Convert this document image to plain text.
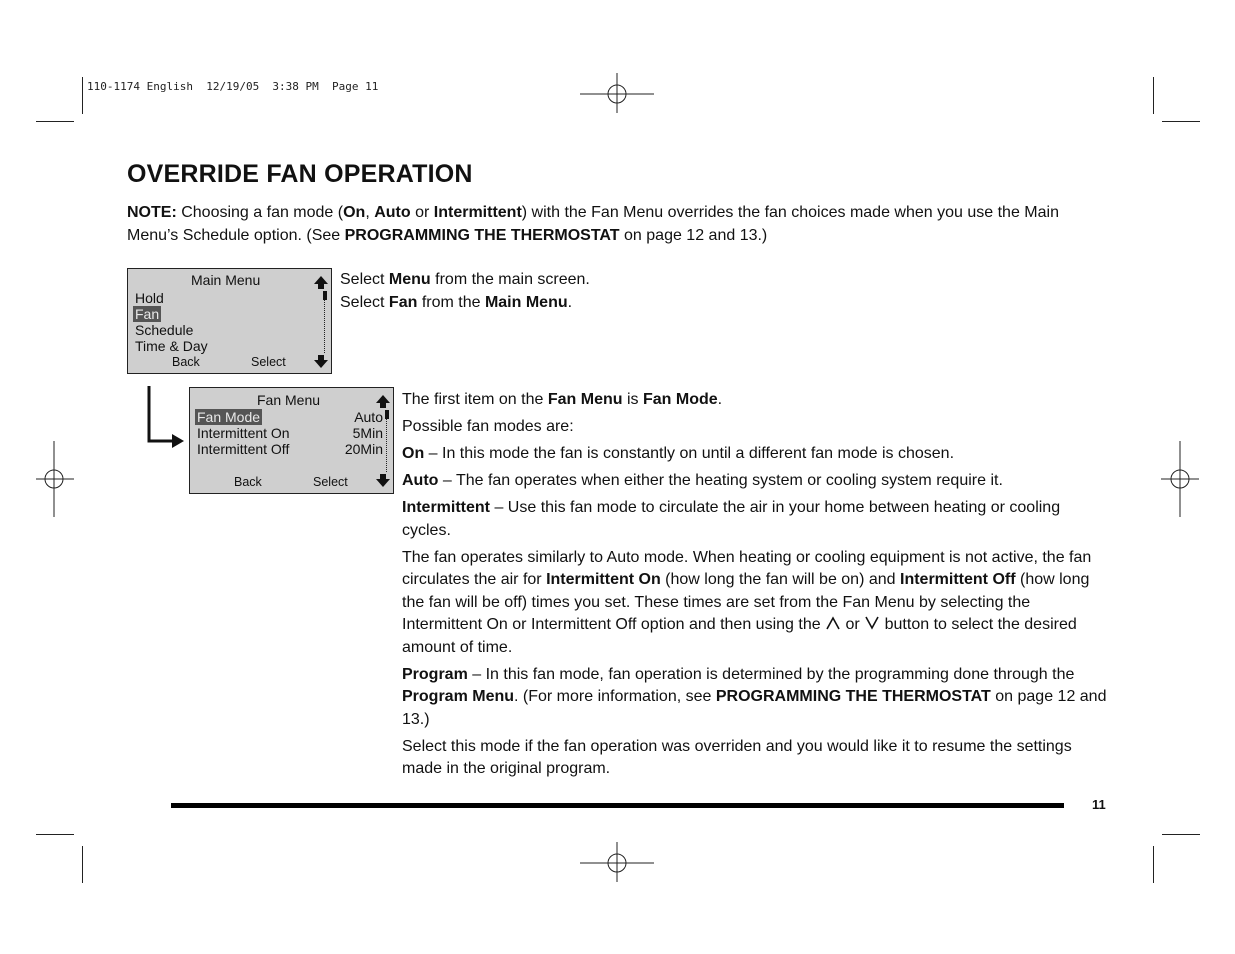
110-1174 English  12/19/05  3:38 PM  Page 11
OVERRIDE FAN OPERATION
NOTE: Choosing a fan mode (On, Auto or Intermittent) with the Fan Menu overrides the fan choices made when you use the Main Menu’s Schedule option. (See PROGRAMMING THE THERMOSTAT on page 12 and 13.)
Main Menu
Hold
Fan
Schedule
Time & Day
Back	Select
Fan Menu
Fan Mode	Auto
Intermittent On	5Min
Intermittent Off	20Min
Back	Select
Select Menu from the main screen.
Select Fan from the Main Menu.

The first item on the Fan Menu is Fan Mode.

Possible fan modes are:

On – In this mode the fan is constantly on until a different fan mode is chosen.

Auto – The fan operates when either the heating system or cooling system require it.

Intermittent – Use this fan mode to circulate the air in your home between heating or cooling cycles.

The fan operates similarly to Auto mode. When heating or cooling equipment is not active, the fan circulates the air for Intermittent On (how long the fan will be on) and Intermittent Off (how long the fan will be off) times you set. These times are set from the Fan Menu by selecting the Intermittent On or Intermittent Off option and then using the  or  button to select the desired amount of time.

Program – In this fan mode, fan operation is determined by the programming done through the Program Menu. (For more information, see PROGRAMMING THE THERMOSTAT on page 12 and 13.)

Select this mode if the fan operation was overriden and you would like it to resume the settings made in the original program.

11
